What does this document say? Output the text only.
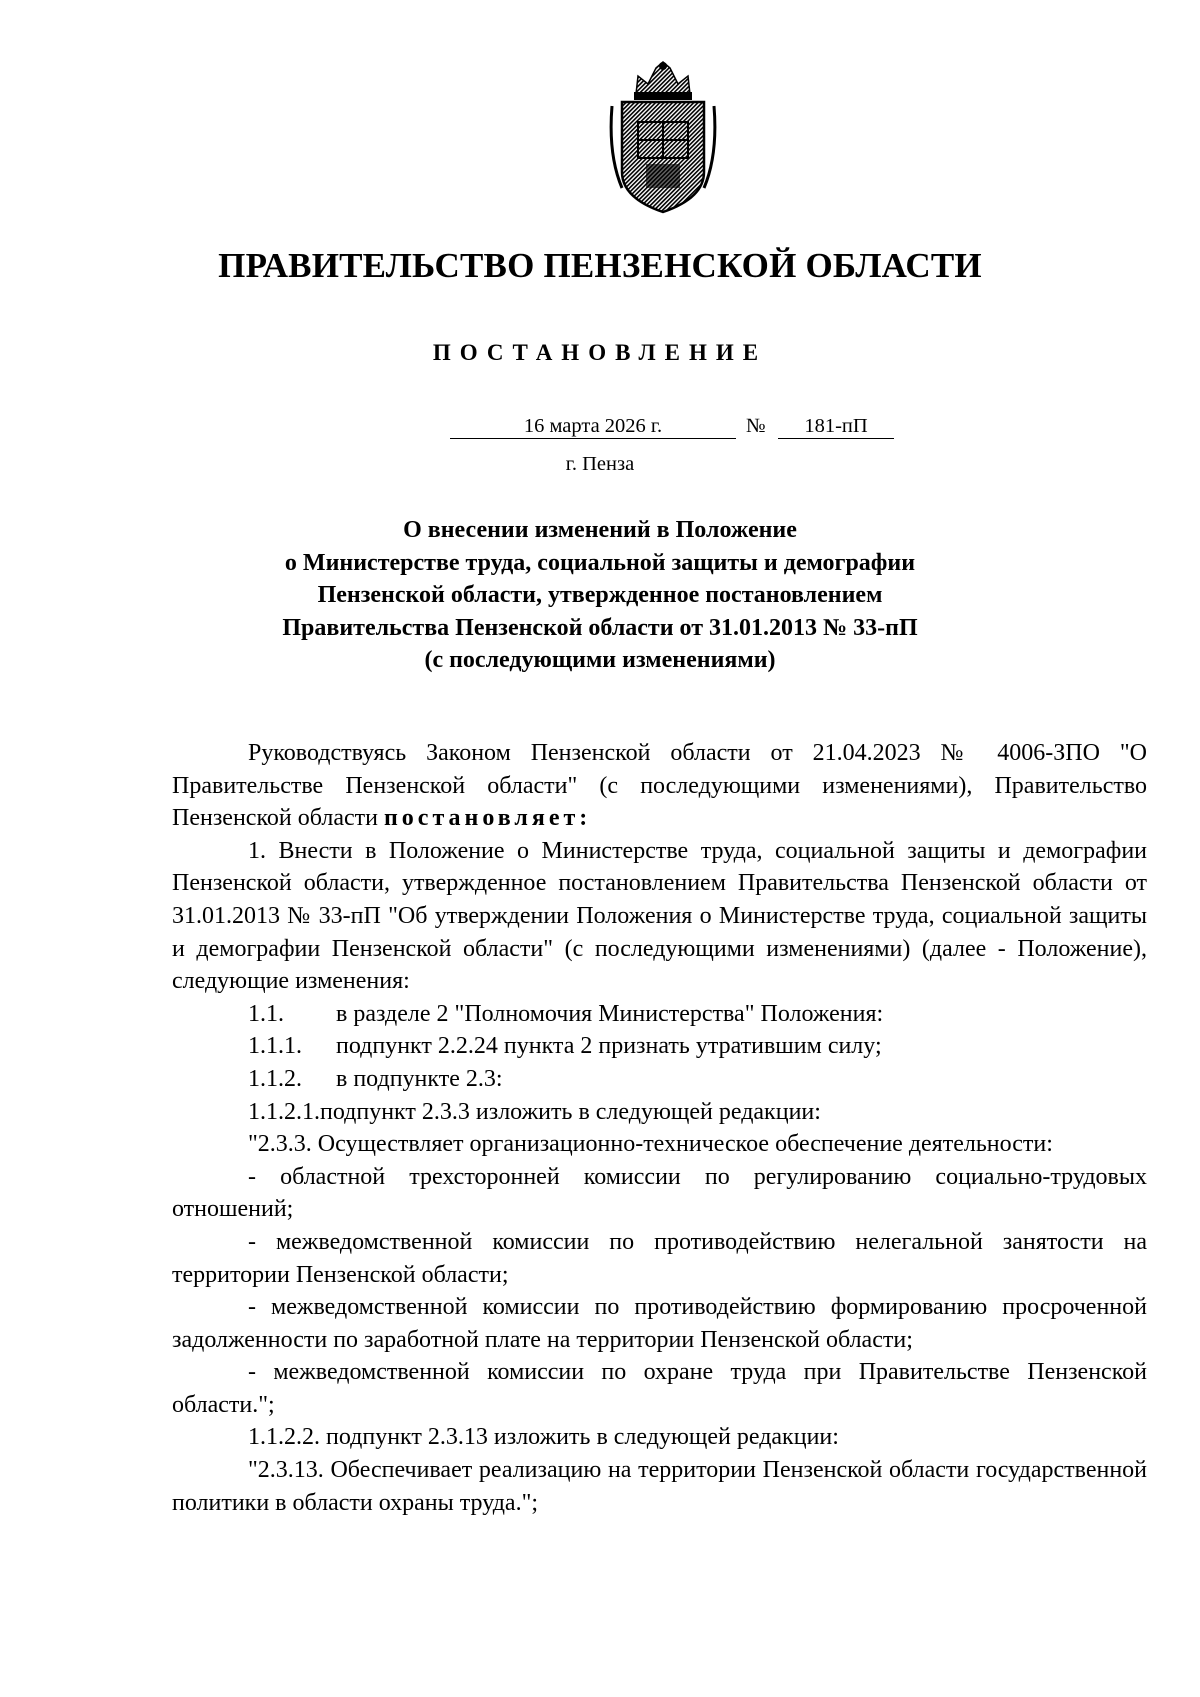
ПРАВИТЕЛЬСТВО ПЕНЗЕНСКОЙ ОБЛАСТИ
ПОСТАНОВЛЕНИЕ
16 марта 2026 г.	№	181-пП
г. Пенза
О внесении изменений в Положение
о Министерстве труда, социальной защиты и демографии
Пензенской области, утвержденное постановлением
Правительства Пензенской области от 31.01.2013 № 33-пП
(с последующими изменениями)

Руководствуясь Законом Пензенской области от 21.04.2023 № 4006-ЗПО "О Правительстве Пензенской области" (с последующими изменениями), Правительство Пензенской области постановляет:

1. Внести в Положение о Министерстве труда, социальной защиты и демографии Пензенской области, утвержденное постановлением Правительства Пензенской области от 31.01.2013 № 33-пП "Об утверждении Положения о Министерстве труда, социальной защиты и демографии Пензенской области" (с последующими изменениями) (далее - Положение), следующие изменения:

1.1. в разделе 2 "Полномочия Министерства" Положения:

1.1.1. подпункт 2.2.24 пункта 2 признать утратившим силу;

1.1.2. в подпункте 2.3:

1.1.2.1.подпункт 2.3.3 изложить в следующей редакции:

"2.3.3. Осуществляет организационно-техническое обеспечение деятельности:

- областной трехсторонней комиссии по регулированию социально-трудовых отношений;

- межведомственной комиссии по противодействию нелегальной занятости на территории Пензенской области;

- межведомственной комиссии по противодействию формированию просроченной задолженности по заработной плате на территории Пензенской области;

- межведомственной комиссии по охране труда при Правительстве Пензенской области.";

1.1.2.2. подпункт 2.3.13 изложить в следующей редакции:

"2.3.13. Обеспечивает реализацию на территории Пензенской области государственной политики в области охраны труда.";
